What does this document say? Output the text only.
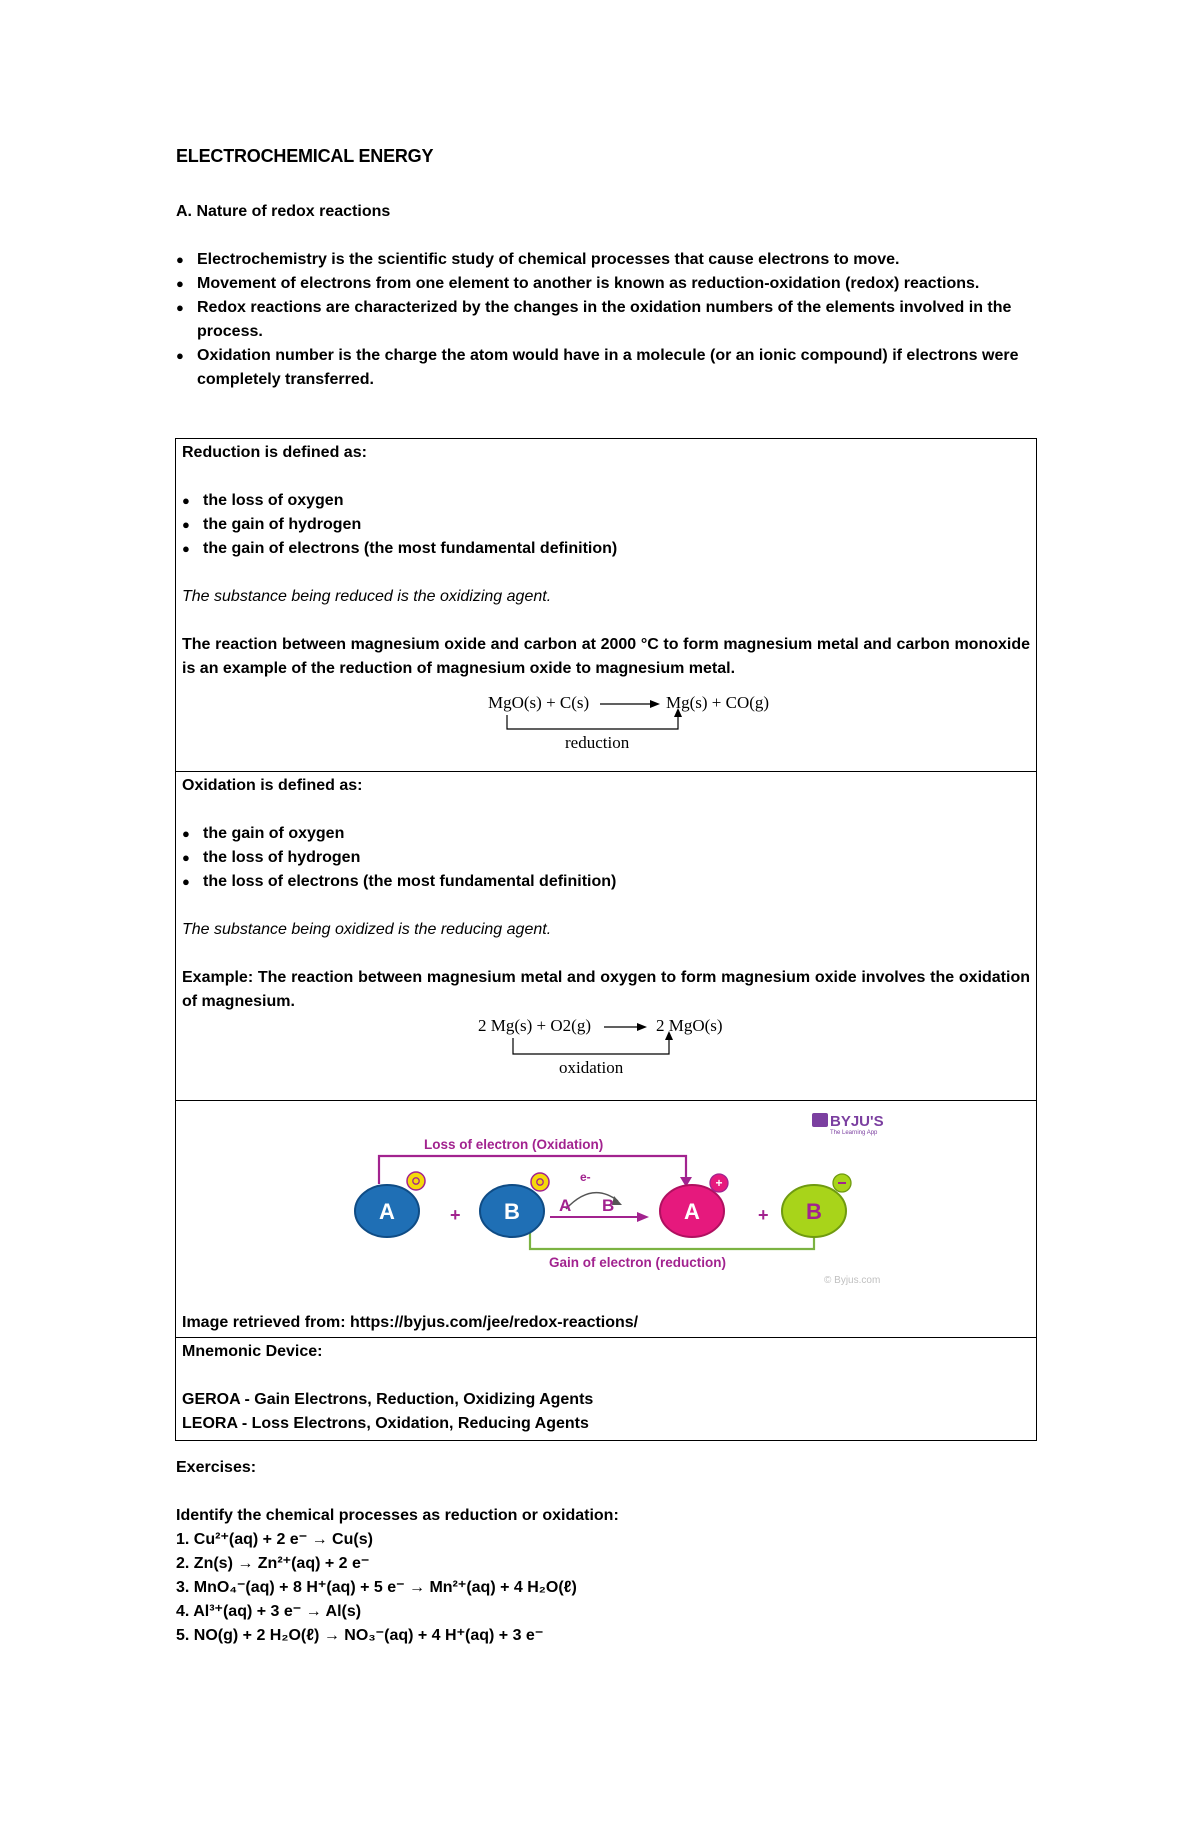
ELECTROCHEMICAL ENERGY
A. Nature of redox reactions
● Electrochemistry is the scientific study of chemical processes that cause electrons to move.
● Movement of electrons from one element to another is known as reduction-oxidation (redox) reactions.
● Redox reactions are characterized by the changes in the oxidation numbers of the elements involved in the process.
● Oxidation number is the charge the atom would have in a molecule (or an ionic compound) if electrons were completely transferred.
Reduction is defined as:
● the loss of oxygen
● the gain of hydrogen
● the gain of electrons (the most fundamental definition)
The substance being reduced is the oxidizing agent.
The reaction between magnesium oxide and carbon at 2000 °C to form magnesium metal and carbon monoxide is an example of the reduction of magnesium oxide to magnesium metal.
MgO(s) + C(s)	Mg(s) + CO(g)
reduction

Oxidation is defined as:
● the gain of oxygen
● the loss of hydrogen
● the loss of electrons (the most fundamental definition)
The substance being oxidized is the reducing agent.
Example: The reaction between magnesium metal and oxygen to form magnesium oxide involves the oxidation of magnesium.
2 Mg(s) + O2(g)	2 MgO(s)
oxidation

BYJU'S
The Learning App
Loss of electron (Oxidation)
Gain of electron (reduction)
A	+ B
e-
A B	A
+
+ B
© Byjus.com
Image retrieved from: https://byjus.com/jee/redox-reactions/

Mnemonic Device:
GEROA - Gain Electrons, Reduction, Oxidizing Agents
LEORA - Loss Electrons, Oxidation, Reducing Agents

Exercises:

Identify the chemical processes as reduction or oxidation:

1. Cu²⁺(aq) + 2 e⁻ → Cu(s)

2. Zn(s) → Zn²⁺(aq) + 2 e⁻

3. MnO₄⁻(aq) + 8 H⁺(aq) + 5 e⁻ → Mn²⁺(aq) + 4 H₂O(ℓ)

4. Al³⁺(aq) + 3 e⁻ → Al(s)

5. NO(g) + 2 H₂O(ℓ) → NO₃⁻(aq) + 4 H⁺(aq) + 3 e⁻
